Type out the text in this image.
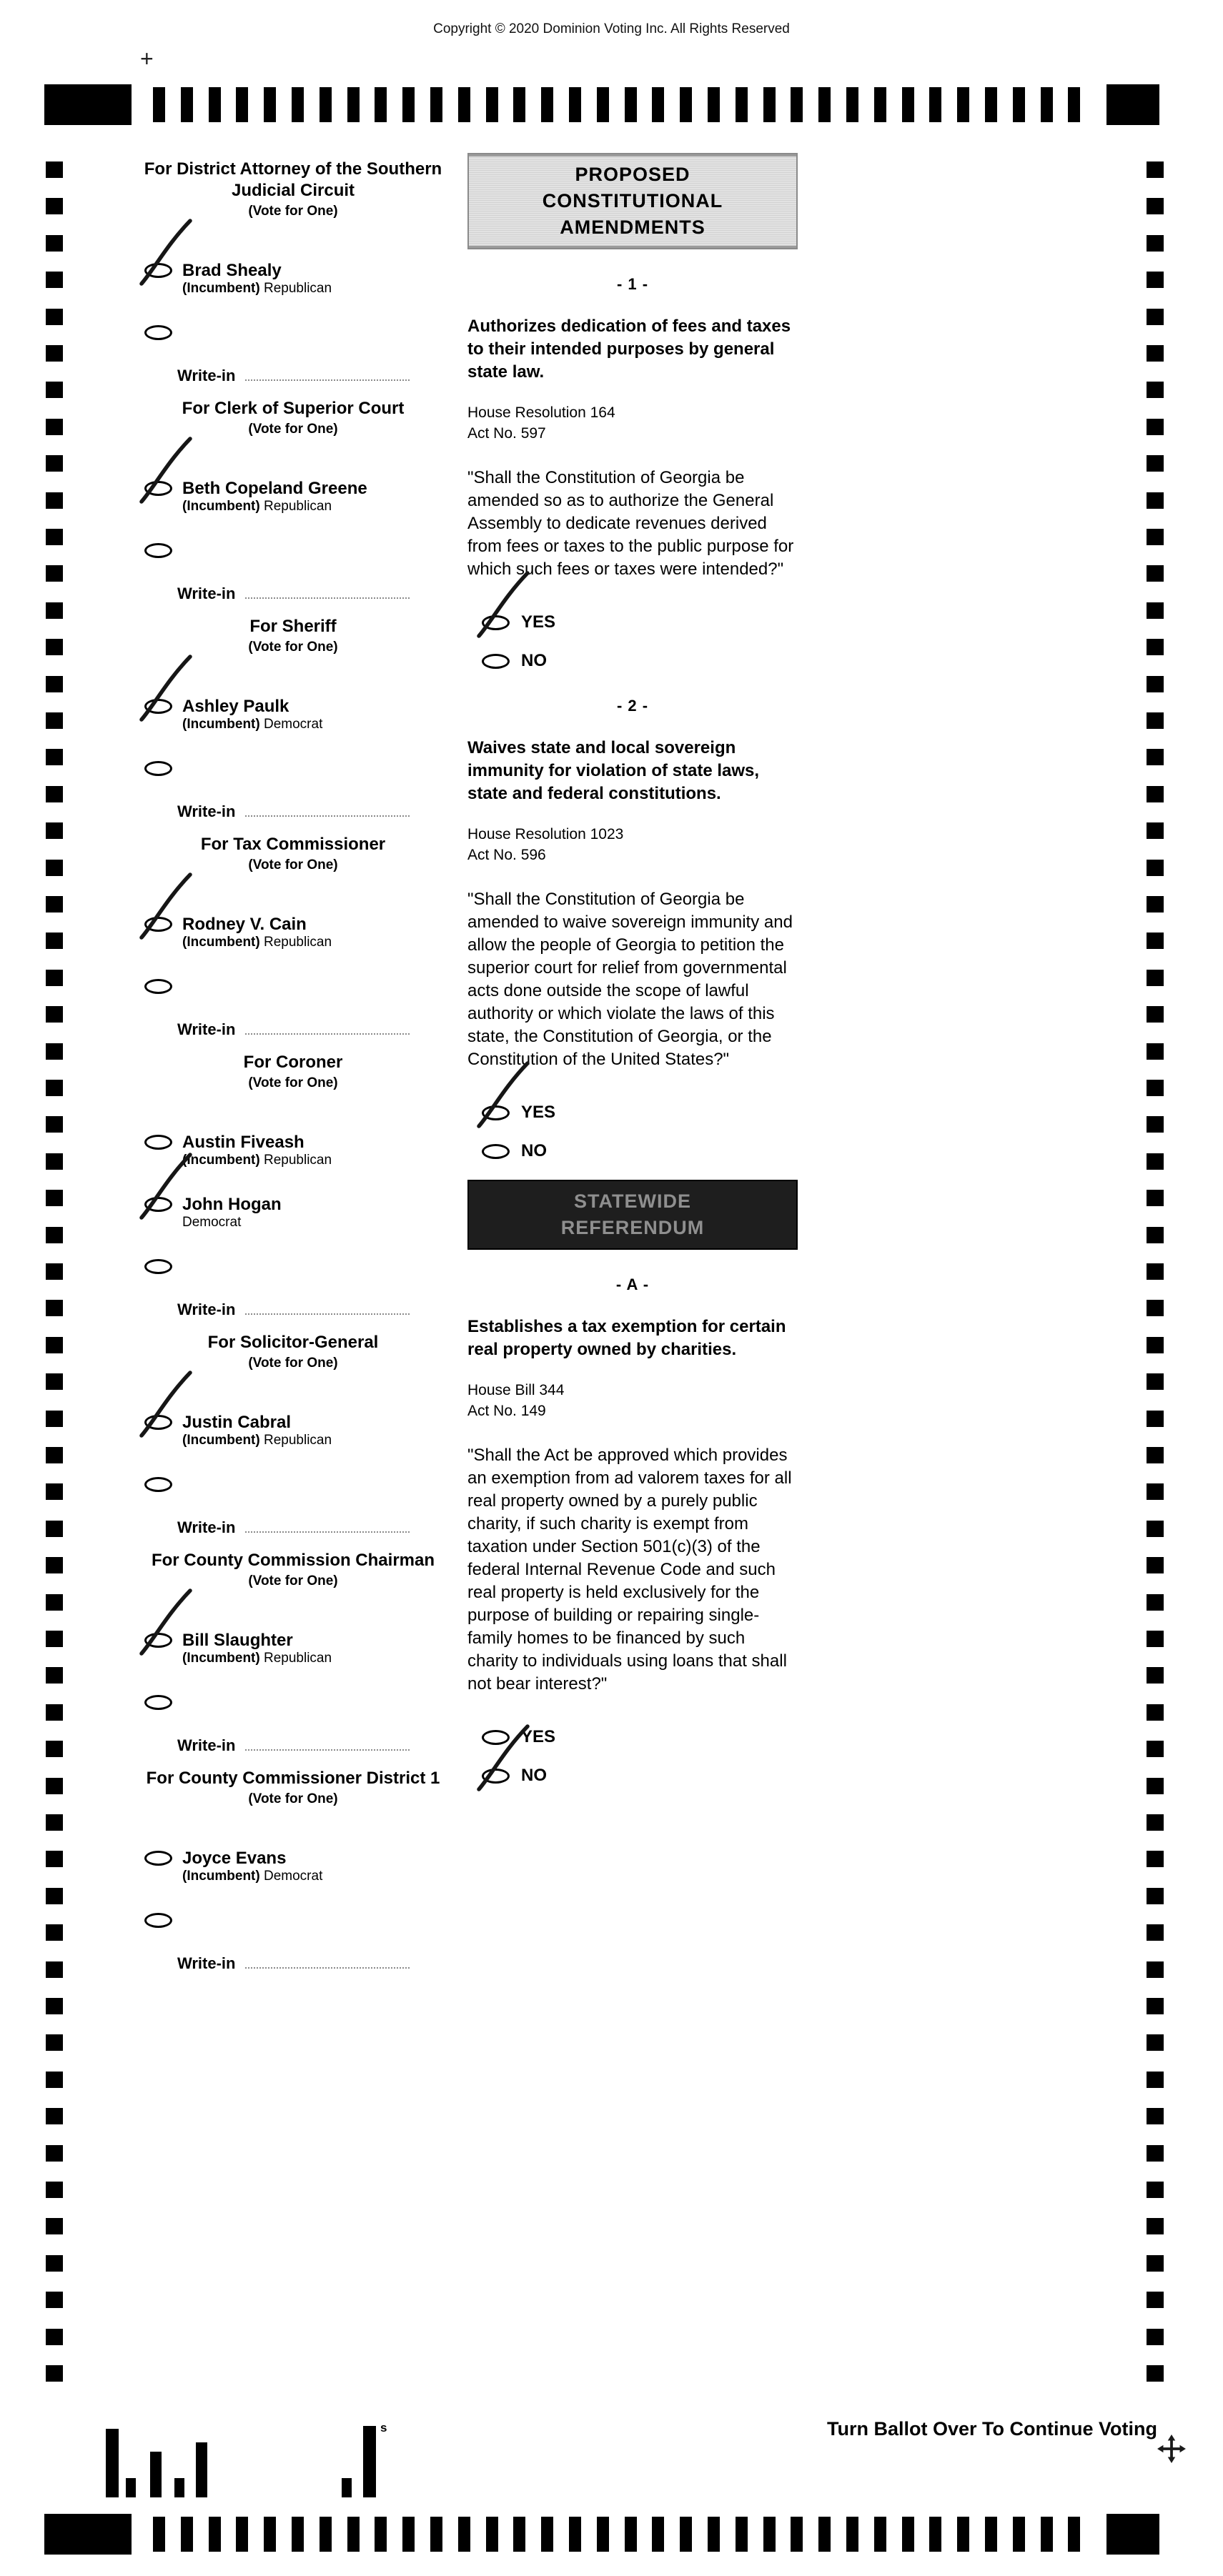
Copyright © 2020 Dominion Voting Inc. All Rights Reserved
+
For District Attorney of the Southern Judicial Circuit
(Vote for One)
Brad Shealy
(Incumbent) Republican
Write-in
For Clerk of Superior Court
(Vote for One)
Beth Copeland Greene
(Incumbent) Republican
Write-in
For Sheriff
(Vote for One)
Ashley Paulk
(Incumbent) Democrat
Write-in
For Tax Commissioner
(Vote for One)
Rodney V. Cain
(Incumbent) Republican
Write-in
For Coroner
(Vote for One)
Austin Fiveash
(Incumbent) Republican
John Hogan
Democrat
Write-in
For Solicitor-General
(Vote for One)
Justin Cabral
(Incumbent) Republican
Write-in
For County Commission Chairman
(Vote for One)
Bill Slaughter
(Incumbent) Republican
Write-in
For County Commissioner District 1
(Vote for One)
Joyce Evans
(Incumbent) Democrat
Write-in
PROPOSED CONSTITUTIONAL AMENDMENTS
- 1 -
Authorizes dedication of fees and taxes to their intended purposes by general state law.
House Resolution 164
Act No. 597
"Shall the Constitution of Georgia be amended so as to authorize the General Assembly to dedicate revenues derived from fees or taxes to the public purpose for which such fees or taxes were intended?"
YES
NO
- 2 -
Waives state and local sovereign immunity for violation of state laws, state and federal constitutions.
House Resolution 1023
Act No. 596
"Shall the Constitution of Georgia be amended to waive sovereign immunity and allow the people of Georgia to petition the superior court for relief from governmental acts done outside the scope of lawful authority or which violate the laws of this state, the Constitution of Georgia, or the Constitution of the United States?"
YES
NO
STATEWIDE REFERENDUM
- A -
Establishes a tax exemption for certain real property owned by charities.
House Bill 344
Act No. 149
"Shall the Act be approved which provides an exemption from ad valorem taxes for all real property owned by a purely public charity, if such charity is exempt from taxation under Section 501(c)(3) of the federal Internal Revenue Code and such real property is held exclusively for the purpose of building or repairing single-family homes to be financed by such charity to individuals using loans that shall not bear interest?"
YES
NO
s	Turn Ballot Over To Continue Voting
